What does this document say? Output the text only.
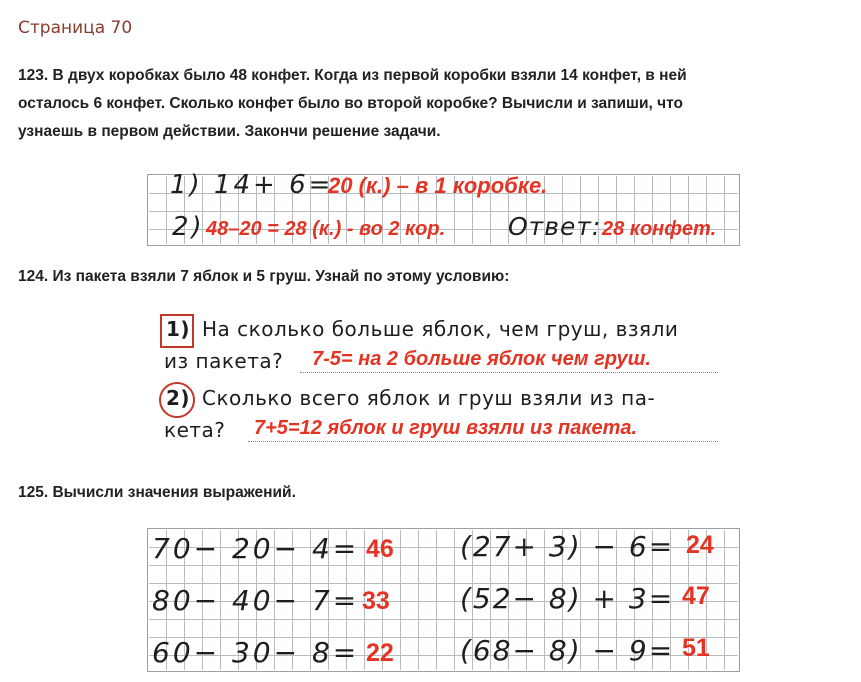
Страница 70
123. В двух коробках было 48 конфет. Когда из первой коробки взяли 14 конфет, в ней
осталось 6 конфет. Сколько конфет было во второй коробке? Вычисли и запиши, что
узнаешь в первом действии. Закончи решение задачи.
1) 14+ 6=
20 (к.) – в 1 коробке.
2) 48–20 = 28 (к.) - во 2 кор.	Ответ: 28 конфет.
124. Из пакета взяли 7 яблок и 5 груш. Узнай по этому условию:
1) На сколько больше яблок, чем груш, взяли
из пакета? 7-5= на 2 больше яблок чем груш.
2) Сколько всего яблок и груш взяли из па-
кета? 7+5=12 яблок и груш взяли из пакета.
125. Вычисли значения выражений.
70− 20− 4= 46
80− 40− 7= 33
60− 30− 8= 22
(27+ 3) − 6= 24
(52− 8) + 3= 47
(68− 8) − 9= 51
